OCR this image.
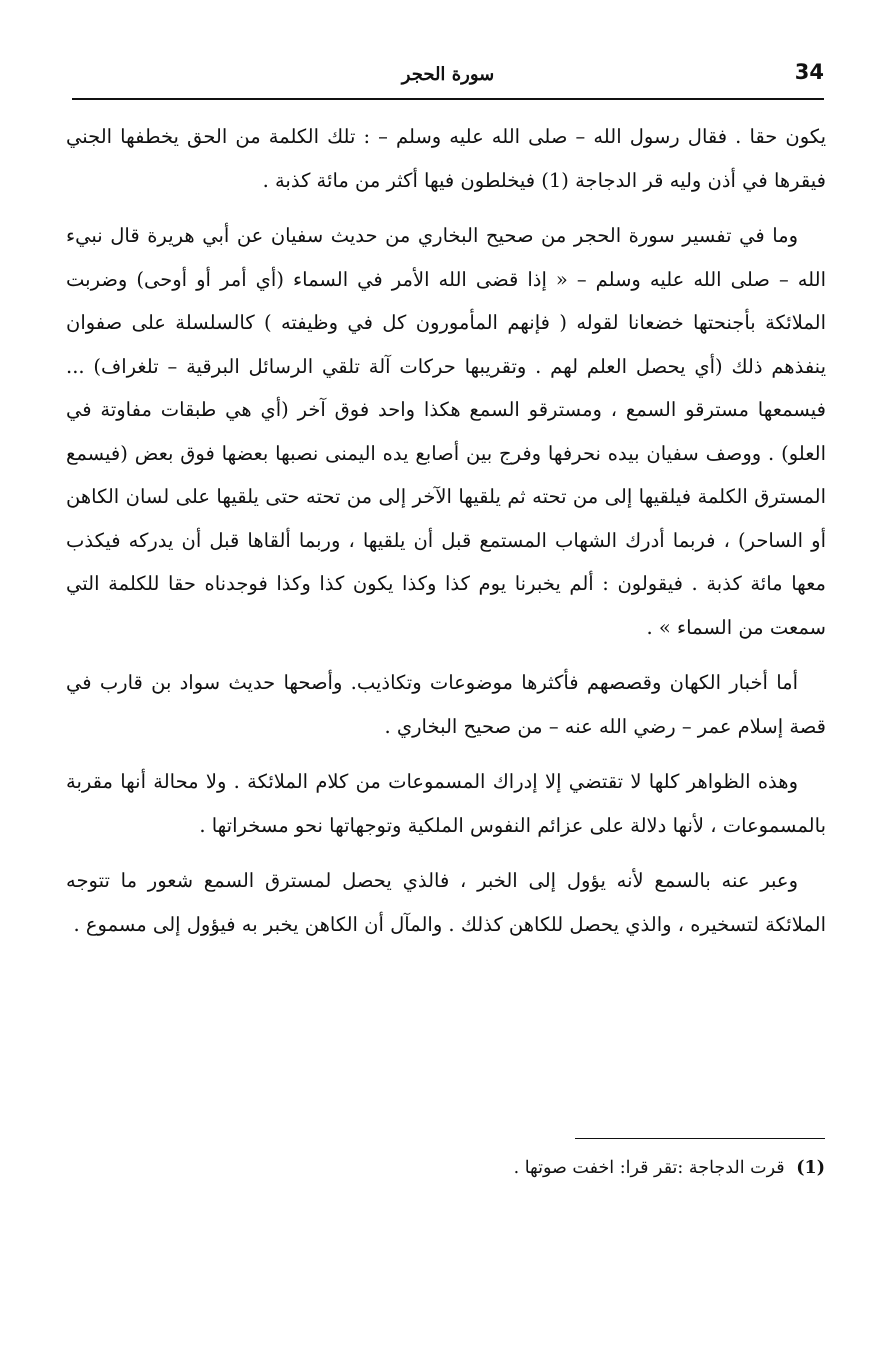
34
سورة الحجر

يكون حقا . فقال رسول الله – صلى الله عليه وسلم – : تلك الكلمة من الحق يخطفها الجني فيقرها في أذن وليه قر الدجاجة (1) فيخلطون فيها أكثر من مائة كذبة .

وما في تفسير سورة الحجر من صحيح البخاري من حديث سفيان عن أبي هريرة قال نبيء الله – صلى الله عليه وسلم – « إذا قضى الله الأمر في السماء (أي أمر أو أوحى) وضربت الملائكة بأجنحتها خضعانا لقوله ( فإنهم المأمورون كل في وظيفته ) كالسلسلة على صفوان ينفذهم ذلك (أي يحصل العلم لهم . وتقريبها حركات آلة تلقي الرسائل البرقية – تلغراف) ... فيسمعها مسترقو السمع ، ومسترقو السمع هكذا واحد فوق آخر (أي هي طبقات مفاوتة في العلو) . ووصف سفيان بيده نحرفها وفرج بين أصابع يده اليمنى نصبها بعضها فوق بعض (فيسمع المسترق الكلمة فيلقيها إلى من تحته ثم يلقيها الآخر إلى من تحته حتى يلقيها على لسان الكاهن أو الساحر) ، فربما أدرك الشهاب المستمع قبل أن يلقيها ، وربما ألقاها قبل أن يدركه فيكذب معها مائة كذبة . فيقولون : ألم يخبرنا يوم كذا وكذا يكون كذا وكذا فوجدناه حقا للكلمة التي سمعت من السماء » .

أما أخبار الكهان وقصصهم فأكثرها موضوعات وتكاذيب. وأصحها حديث سواد بن قارب في قصة إسلام عمر – رضي الله عنه – من صحيح البخاري .

وهذه الظواهر كلها لا تقتضي إلا إدراك المسموعات من كلام الملائكة . ولا محالة أنها مقربة بالمسموعات ، لأنها دلالة على عزائم النفوس الملكية وتوجهاتها نحو مسخراتها .

وعبر عنه بالسمع لأنه يؤول إلى الخبر ، فالذي يحصل لمسترق السمع شعور ما تتوجه الملائكة لتسخيره ، والذي يحصل للكاهن كذلك . والمآل أن الكاهن يخبر به فيؤول إلى مسموع .

(1) قرت الدجاجة :تقر قرا: اخفت صوتها .
